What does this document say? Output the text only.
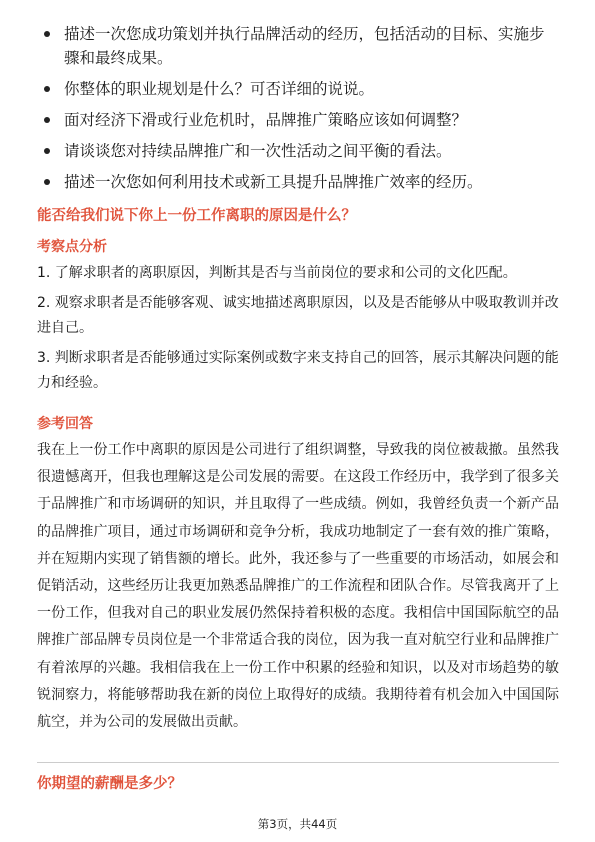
描述一次您成功策划并执行品牌活动的经历，包括活动的目标、实施步骤和最终成果。
你整体的职业规划是什么？可否详细的说说。
面对经济下滑或行业危机时，品牌推广策略应该如何调整？
请谈谈您对持续品牌推广和一次性活动之间平衡的看法。
描述一次您如何利用技术或新工具提升品牌推广效率的经历。
能否给我们说下你上一份工作离职的原因是什么？
考察点分析
1. 了解求职者的离职原因，判断其是否与当前岗位的要求和公司的文化匹配。
2. 观察求职者是否能够客观、诚实地描述离职原因，以及是否能够从中吸取教训并改进自己。
3. 判断求职者是否能够通过实际案例或数字来支持自己的回答，展示其解决问题的能力和经验。
参考回答

我在上一份工作中离职的原因是公司进行了组织调整，导致我的岗位被裁撤。虽然我很遗憾离开，但我也理解这是公司发展的需要。在这段工作经历中，我学到了很多关于品牌推广和市场调研的知识，并且取得了一些成绩。例如，我曾经负责一个新产品的品牌推广项目，通过市场调研和竞争分析，我成功地制定了一套有效的推广策略，并在短期内实现了销售额的增长。此外，我还参与了一些重要的市场活动，如展会和促销活动，这些经历让我更加熟悉品牌推广的工作流程和团队合作。尽管我离开了上一份工作，但我对自己的职业发展仍然保持着积极的态度。我相信中国国际航空的品牌推广部品牌专员岗位是一个非常适合我的岗位，因为我一直对航空行业和品牌推广有着浓厚的兴趣。我相信我在上一份工作中积累的经验和知识，以及对市场趋势的敏锐洞察力，将能够帮助我在新的岗位上取得好的成绩。我期待着有机会加入中国国际航空，并为公司的发展做出贡献。

你期望的薪酬是多少？
第3页，共44页
